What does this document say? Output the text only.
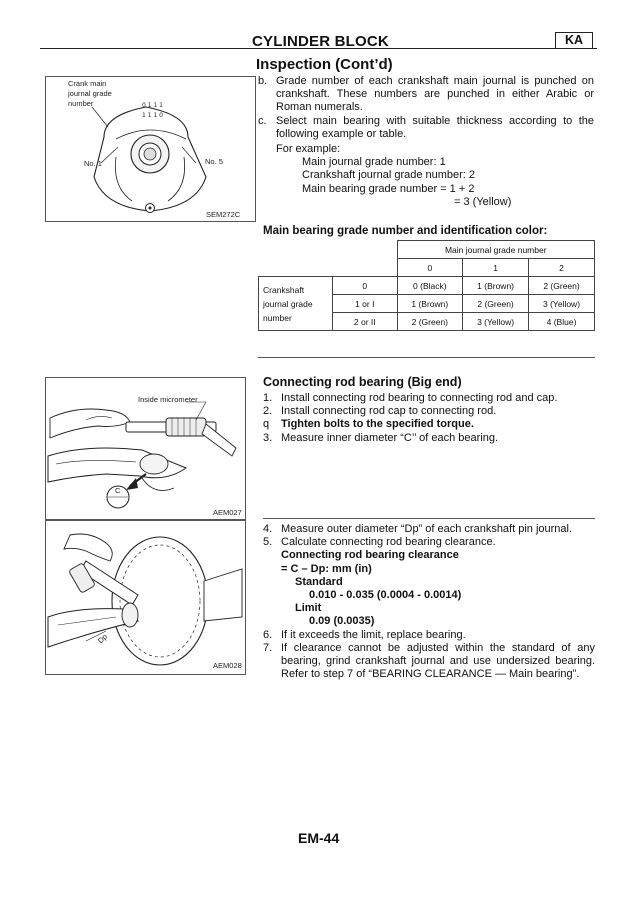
CYLINDER BLOCK	KA
Inspection (Cont’d)
0 1 1 1
1 1 1 0
Crank main
journal grade
number
No. 1	No. 5
SEM272C
b. Grade number of each crankshaft main journal is punched on crankshaft. These numbers are punched in either Arabic or Roman numerals.
c. Select main bearing with suitable thickness according to the following example or table.
For example:
Main journal grade number: 1
Crankshaft journal grade number: 2
Main bearing grade number = 1 + 2
= 3 (Yellow)
Main bearing grade number and identification color:
		Main journal grade number		
		0	1	2

Crankshaft
journal grade
number	0	0 (Black)	1 (Brown)	2 (Green)
	1 or I	1 (Brown)	2 (Green)	3 (Yellow)
	2 or II	2 (Green)	3 (Yellow)	4 (Blue)
Inside micrometer
C
AEM027
Dp
AEM028
Connecting rod bearing (Big end)
1. Install connecting rod bearing to connecting rod and cap.
2. Install connecting rod cap to connecting rod.
q	Tighten bolts to the specified torque.
3. Measure inner diameter “C’’ of each bearing.
4. Measure outer diameter “Dp” of each crankshaft pin journal.
5. Calculate connecting rod bearing clearance.
Connecting rod bearing clearance
= C – Dp: mm (in)
Standard
0.010 - 0.035 (0.0004 - 0.0014)
Limit
0.09 (0.0035)
6. If it exceeds the limit, replace bearing.
7. If clearance cannot be adjusted within the standard of any bearing, grind crankshaft journal and use undersized bearing. Refer to step 7 of “BEARING CLEARANCE — Main bearing”.
EM-44
